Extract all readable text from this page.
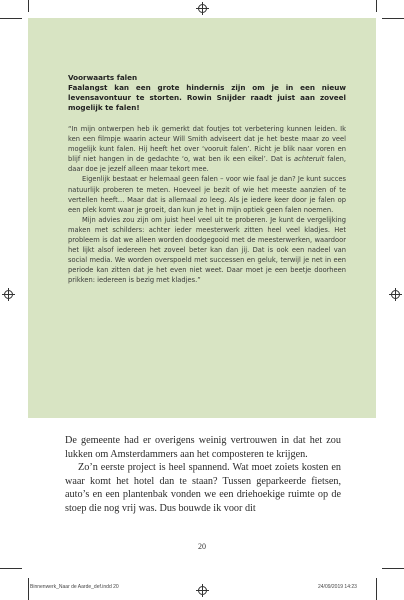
Voorwaarts falen

Faalangst kan een grote hindernis zijn om je in een nieuw levensavontuur te storten. Rowin Snijder raadt juist aan zoveel mogelijk te falen!

“In mijn ontwerpen heb ik gemerkt dat foutjes tot verbetering kunnen leiden. Ik ken een filmpje waarin acteur Will Smith adviseert dat je het beste maar zo veel mogelijk kunt falen. Hij heeft het over ‘vooruit falen’. Richt je blik naar voren en blijf niet hangen in de gedachte ‘o, wat ben ik een eikel’. Dat is achteruit falen, daar doe je jezelf alleen maar tekort mee.

Eigenlijk bestaat er helemaal geen falen – voor wie faal je dan? Je kunt succes natuurlijk proberen te meten. Hoeveel je bezit of wie het meeste aanzien of te vertellen heeft… Maar dat is allemaal zo leeg. Als je iedere keer door je falen op een plek komt waar je groeit, dan kun je het in mijn optiek geen falen noemen.

Mijn advies zou zijn om juist heel veel uit te proberen. Je kunt de vergelijking maken met schilders: achter ieder meesterwerk zitten heel veel kladjes. Het probleem is dat we alleen worden doodgegooid met de meesterwerken, waardoor het lijkt alsof iedereen het zoveel beter kan dan jij. Dat is ook een nadeel van social media. We worden overspoeld met successen en geluk, terwijl je net in een periode kan zitten dat je het even niet weet. Daar moet je een beetje doorheen prikken: iedereen is bezig met kladjes.”

De gemeente had er overigens weinig vertrouwen in dat het zou lukken om Amsterdammers aan het composteren te krijgen.

Zo’n eerste project is heel spannend. Wat moet zoiets kosten en waar komt het hotel dan te staan? Tussen geparkeerde fietsen, auto’s en een plantenbak vonden we een driehoekige ruimte op de stoep die nog vrij was. Dus bouwde ik voor dit

20
Binnenwerk_Naar de Aarde_def.indd 20	24/09/2019 14:23
